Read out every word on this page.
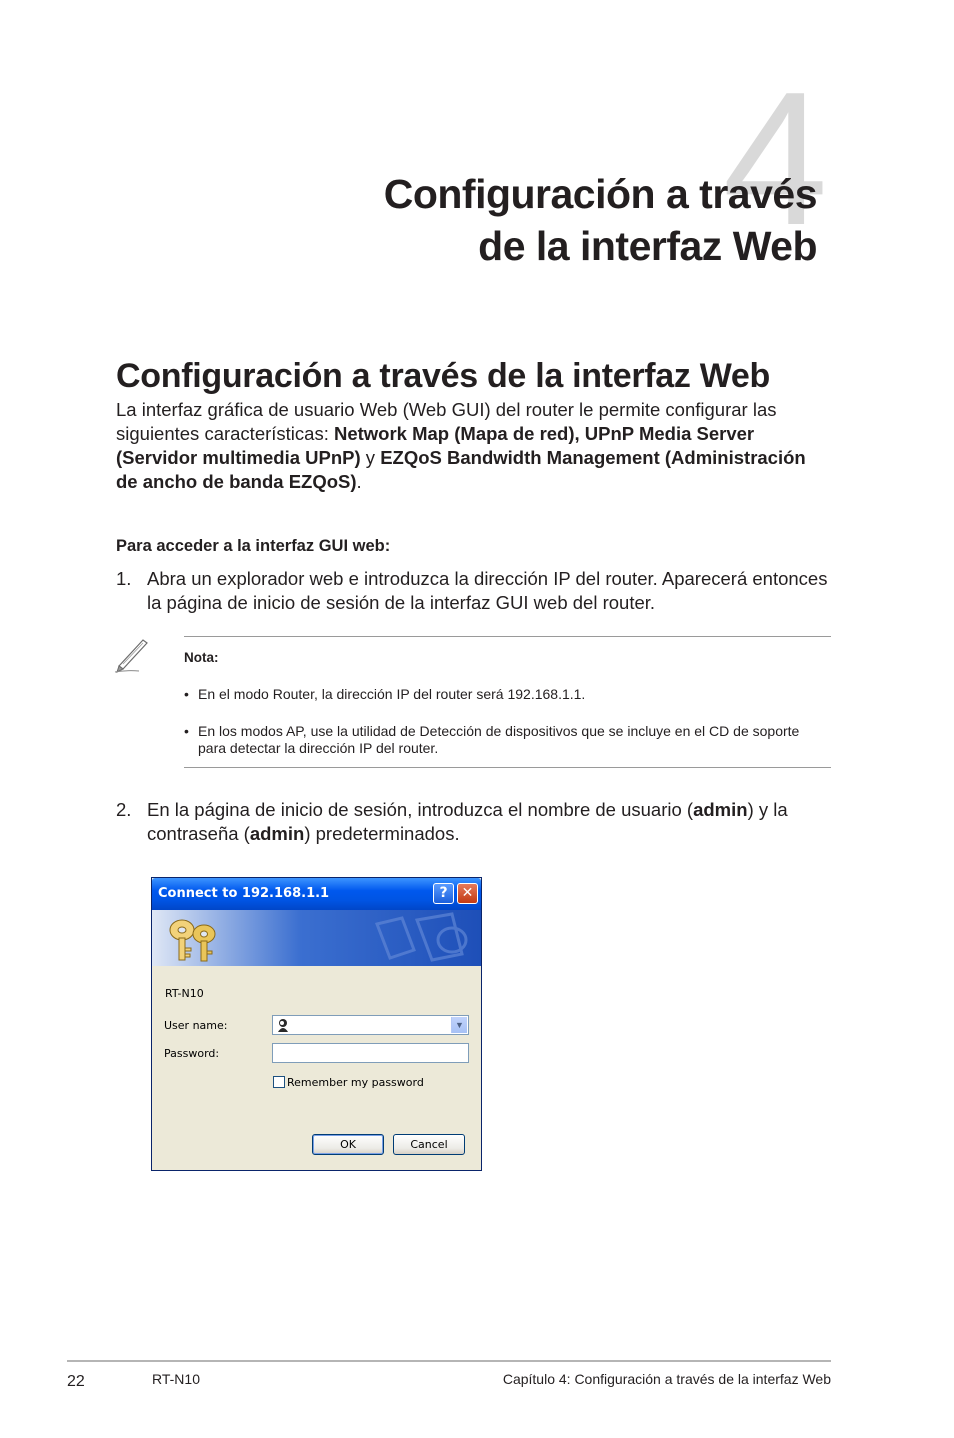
4
Configuración a través
de la interfaz Web
Configuración a través de la interfaz Web
La interfaz gráfica de usuario Web (Web GUI) del router le permite configurar las siguientes características: Network Map (Mapa de red), UPnP Media Server (Servidor multimedia UPnP) y EZQoS Bandwidth Management (Administración de ancho de banda EZQoS).
Para acceder a la interfaz GUI web:
1. Abra un explorador web e introduzca la dirección IP del router. Aparecerá entonces la página de inicio de sesión de la interfaz GUI web del router.
Nota:
• En el modo Router, la dirección IP del router será 192.168.1.1.
• En los modos AP, use la utilidad de Detección de dispositivos que se incluye en el CD de soporte para detectar la dirección IP del router.
2. En la página de inicio de sesión, introduzca el nombre de usuario (admin) y la contraseña (admin) predeterminados.
Connect to 192.168.1.1	?	✕
RT-N10
User name:	▼
Password:
Remember my password
OK	Cancel
22	RT-N10	Capítulo 4: Configuración a través de la interfaz Web
